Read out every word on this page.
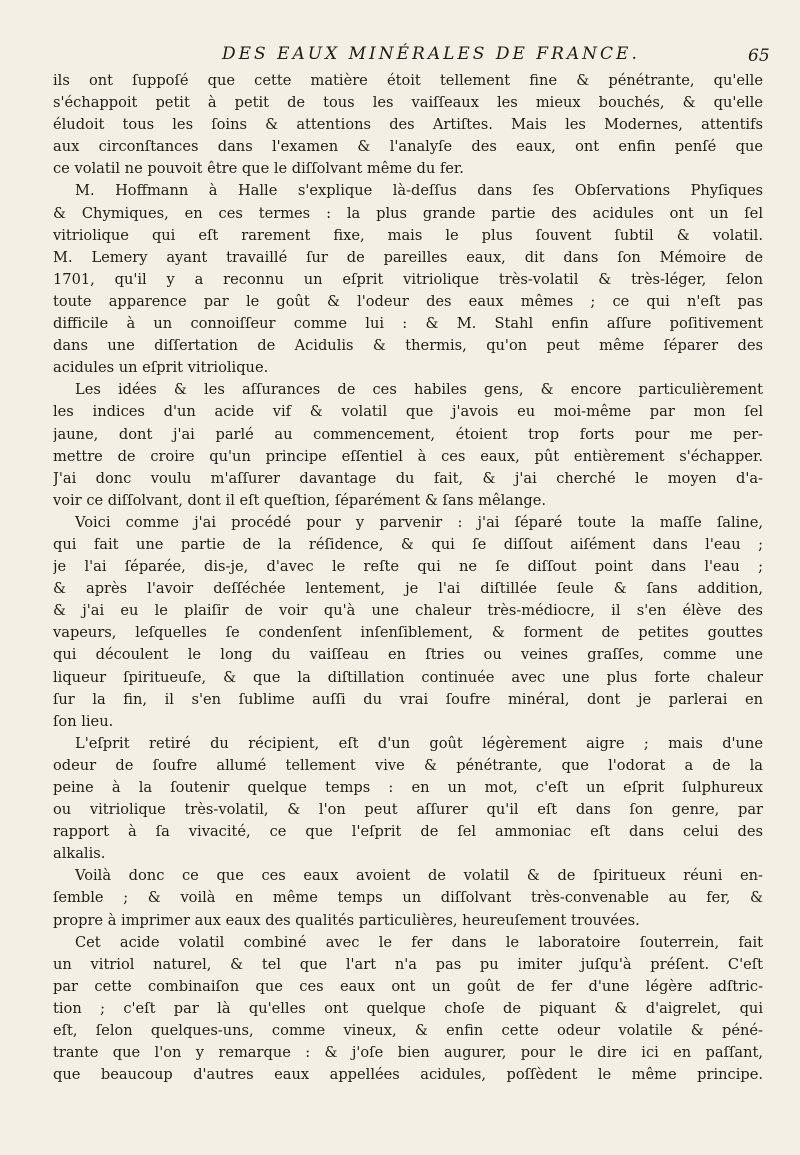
DES EAUX MINÉRALES DE FRANCE.	65
ils ont ſuppoſé que cette matière étoit tellement fine & pénétrante, qu'elle
s'échappoit petit à petit de tous les vaiſſeaux les mieux bouchés, & qu'elle
éludoit tous les ſoins & attentions des Artiſtes. Mais les Modernes, attentifs
aux circonſtances dans l'examen & l'analyſe des eaux, ont enfin penſé que
ce volatil ne pouvoit être que le diſſolvant même du fer.
M. Hoffmann à Halle s'explique là-deſſus dans ſes Obſervations Phyſiques
& Chymiques, en ces termes : la plus grande partie des acidules ont un ſel
vitriolique qui eſt rarement fixe, mais le plus ſouvent ſubtil & volatil.
M. Lemery ayant travaillé ſur de pareilles eaux, dit dans ſon Mémoire de
1701, qu'il y a reconnu un eſprit vitriolique très-volatil & très-léger, ſelon
toute apparence par le goût & l'odeur des eaux mêmes ; ce qui n'eſt pas
difficile à un connoiſſeur comme lui : & M. Stahl enfin aſſure poſitivement
dans une diſſertation de Acidulis & thermis, qu'on peut même ſéparer des
acidules un eſprit vitriolique.
Les idées & les aſſurances de ces habiles gens, & encore particulièrement
les indices d'un acide vif & volatil que j'avois eu moi-même par mon ſel
jaune, dont j'ai parlé au commencement, étoient trop forts pour me per-
mettre de croire qu'un principe eſſentiel à ces eaux, pût entièrement s'échapper.
J'ai donc voulu m'aſſurer davantage du fait, & j'ai cherché le moyen d'a-
voir ce diſſolvant, dont il eſt queſtion, ſéparément & ſans mêlange.
Voici comme j'ai procédé pour y parvenir : j'ai ſéparé toute la maſſe ſaline,
qui fait une partie de la réſidence, & qui ſe diſſout aiſément dans l'eau ;
je l'ai ſéparée, dis-je, d'avec le reſte qui ne ſe diſſout point dans l'eau ;
& après l'avoir deſſéchée lentement, je l'ai diſtillée ſeule & ſans addition,
& j'ai eu le plaiſir de voir qu'à une chaleur très-médiocre, il s'en élève des
vapeurs, leſquelles ſe condenſent inſenſiblement, & forment de petites gouttes
qui découlent le long du vaiſſeau en ſtries ou veines graſſes, comme une
liqueur ſpiritueuſe, & que la diſtillation continuée avec une plus forte chaleur
ſur la fin, il s'en ſublime auſſi du vrai ſoufre minéral, dont je parlerai en
ſon lieu.
L'eſprit retiré du récipient, eſt d'un goût légèrement aigre ; mais d'une
odeur de ſoufre allumé tellement vive & pénétrante, que l'odorat a de la
peine à la ſoutenir quelque temps : en un mot, c'eſt un eſprit ſulphureux
ou vitriolique très-volatil, & l'on peut aſſurer qu'il eſt dans ſon genre, par
rapport à ſa vivacité, ce que l'eſprit de ſel ammoniac eſt dans celui des
alkalis.
Voilà donc ce que ces eaux avoient de volatil & de ſpiritueux réuni en-
ſemble ; & voilà en même temps un diſſolvant très-convenable au fer, &
propre à imprimer aux eaux des qualités particulières, heureuſement trouvées.
Cet acide volatil combiné avec le fer dans le laboratoire ſouterrein, fait
un vitriol naturel, & tel que l'art n'a pas pu imiter juſqu'à préſent. C'eſt
par cette combinaiſon que ces eaux ont un goût de fer d'une légère adſtric-
tion ; c'eſt par là qu'elles ont quelque choſe de piquant & d'aigrelet, qui
eſt, ſelon quelques-uns, comme vineux, & enfin cette odeur volatile & péné-
trante que l'on y remarque : & j'oſe bien augurer, pour le dire ici en paſſant,
que beaucoup d'autres eaux appellées acidules, poſſèdent le même principe.
